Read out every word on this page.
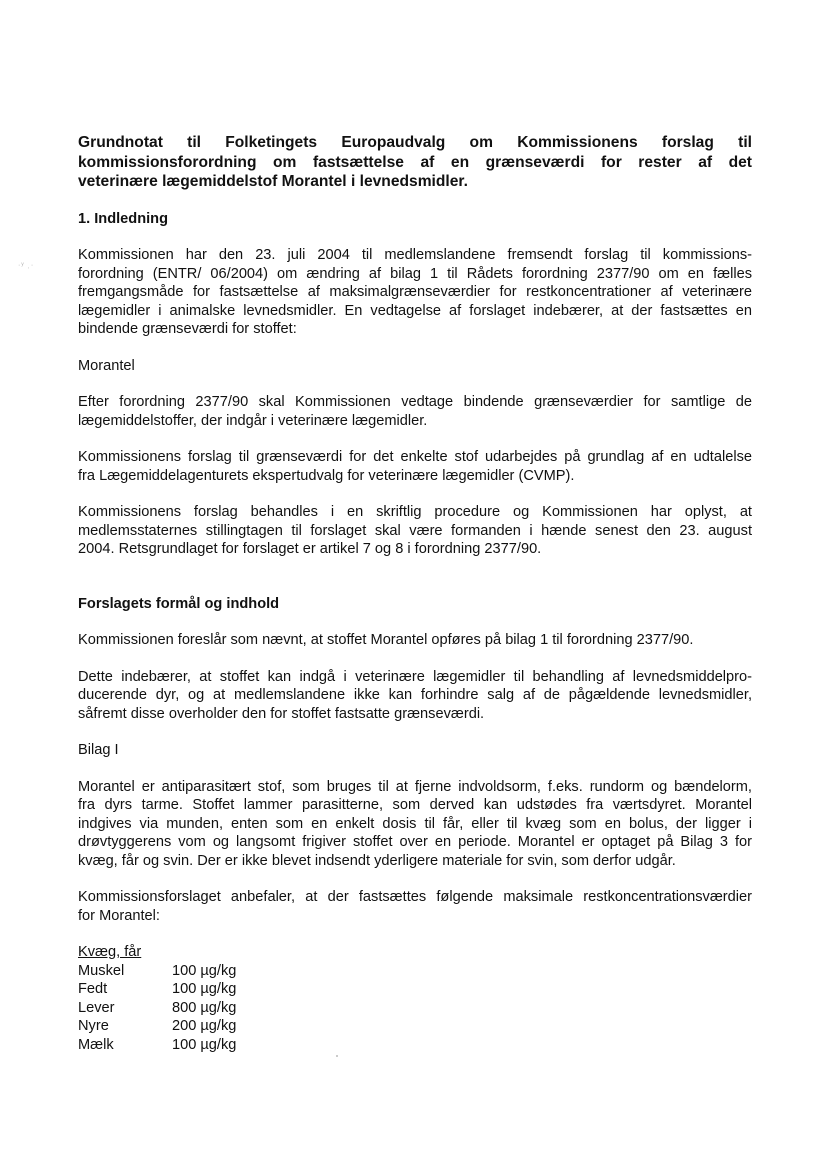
·ʸ ˌ·
Grundnotat til Folketingets Europaudvalg om Kommissionens forslag til
kommissionsforordning om fastsættelse af en grænseværdi for rester af det
veterinære lægemiddelstof Morantel i levnedsmidler.
1. Indledning

Kommissionen har den 23. juli 2004 til medlemslandene fremsendt forslag til kommissions-
forordning (ENTR/ 06/2004) om ændring af bilag 1 til Rådets forordning 2377/90 om en fælles
fremgangsmåde for fastsættelse af maksimalgrænseværdier for restkoncentrationer af veterinære
lægemidler i animalske levnedsmidler. En vedtagelse af forslaget indebærer, at der fastsættes en
bindende grænseværdi for stoffet:

Morantel

Efter forordning 2377/90 skal Kommissionen vedtage bindende grænseværdier for samtlige de
lægemiddelstoffer, der indgår i veterinære lægemidler.

Kommissionens forslag til grænseværdi for det enkelte stof udarbejdes på grundlag af en udtalelse
fra Lægemiddelagenturets ekspertudvalg for veterinære lægemidler (CVMP).

Kommissionens forslag behandles i en skriftlig procedure og Kommissionen har oplyst, at
medlemsstaternes stillingtagen til forslaget skal være formanden i hænde senest den 23. august
2004. Retsgrundlaget for forslaget er artikel 7 og 8 i forordning 2377/90.

Forslagets formål og indhold

Kommissionen foreslår som nævnt, at stoffet Morantel opføres på bilag 1 til forordning 2377/90.

Dette indebærer, at stoffet kan indgå i veterinære lægemidler til behandling af levnedsmiddelpro-
ducerende dyr, og at medlemslandene ikke kan forhindre salg af de pågældende levnedsmidler,
såfremt disse overholder den for stoffet fastsatte grænseværdi.

Bilag I

Morantel er antiparasitært stof, som bruges til at fjerne indvoldsorm, f.eks. rundorm og bændelorm,
fra dyrs tarme. Stoffet lammer parasitterne, som derved kan udstødes fra værtsdyret. Morantel
indgives via munden, enten som en enkelt dosis til får, eller til kvæg som en bolus, der ligger i
drøvtyggerens vom og langsomt frigiver stoffet over en periode. Morantel er optaget på Bilag 3 for
kvæg, får og svin. Der er ikke blevet indsendt yderligere materiale for svin, som derfor udgår.

Kommissionsforslaget anbefaler, at der fastsættes følgende maksimale restkoncentrationsværdier
for Morantel:

Kvæg, får
Muskel	100 µg/kg
Fedt	100 µg/kg
Lever	800 µg/kg
Nyre	200 µg/kg
Mælk	100 µg/kg
